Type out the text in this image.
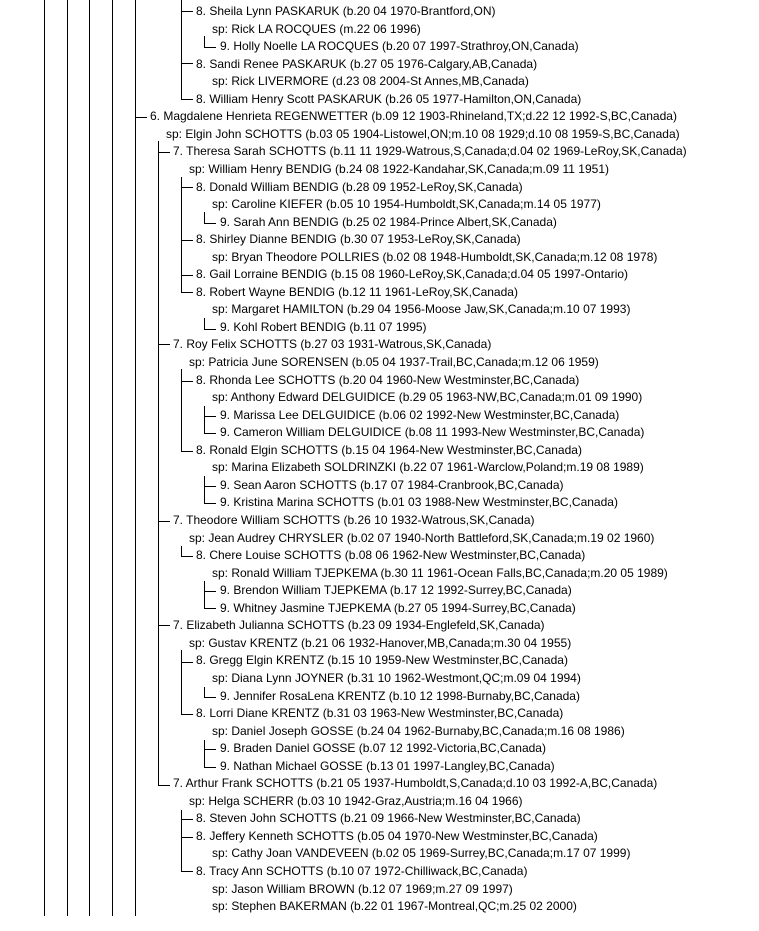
8. Sheila Lynn PASKARUK (b.20 04 1970-Brantford,ON)
sp: Rick LA ROCQUES (m.22 06 1996)
9. Holly Noelle LA ROCQUES (b.20 07 1997-Strathroy,ON,Canada)
8. Sandi Renee PASKARUK (b.27 05 1976-Calgary,AB,Canada)
sp: Rick LIVERMORE (d.23 08 2004-St Annes,MB,Canada)
8. William Henry Scott PASKARUK (b.26 05 1977-Hamilton,ON,Canada)
6. Magdalene Henrieta REGENWETTER (b.09 12 1903-Rhineland,TX;d.22 12 1992-S,BC,Canada)
sp: Elgin John SCHOTTS (b.03 05 1904-Listowel,ON;m.10 08 1929;d.10 08 1959-S,BC,Canada)
7. Theresa Sarah SCHOTTS (b.11 11 1929-Watrous,S,Canada;d.04 02 1969-LeRoy,SK,Canada)
sp: William Henry BENDIG (b.24 08 1922-Kandahar,SK,Canada;m.09 11 1951)
8. Donald William BENDIG (b.28 09 1952-LeRoy,SK,Canada)
sp: Caroline KIEFER (b.05 10 1954-Humboldt,SK,Canada;m.14 05 1977)
9. Sarah Ann BENDIG (b.25 02 1984-Prince Albert,SK,Canada)
8. Shirley Dianne BENDIG (b.30 07 1953-LeRoy,SK,Canada)
sp: Bryan Theodore POLLRIES (b.02 08 1948-Humboldt,SK,Canada;m.12 08 1978)
8. Gail Lorraine BENDIG (b.15 08 1960-LeRoy,SK,Canada;d.04 05 1997-Ontario)
8. Robert Wayne BENDIG (b.12 11 1961-LeRoy,SK,Canada)
sp: Margaret HAMILTON (b.29 04 1956-Moose Jaw,SK,Canada;m.10 07 1993)
9. Kohl Robert BENDIG (b.11 07 1995)
7. Roy Felix SCHOTTS (b.27 03 1931-Watrous,SK,Canada)
sp: Patricia June SORENSEN (b.05 04 1937-Trail,BC,Canada;m.12 06 1959)
8. Rhonda Lee SCHOTTS (b.20 04 1960-New Westminster,BC,Canada)
sp: Anthony Edward DELGUIDICE (b.29 05 1963-NW,BC,Canada;m.01 09 1990)
9. Marissa Lee DELGUIDICE (b.06 02 1992-New Westminster,BC,Canada)
9. Cameron William DELGUIDICE (b.08 11 1993-New Westminster,BC,Canada)
8. Ronald Elgin SCHOTTS (b.15 04 1964-New Westminster,BC,Canada)
sp: Marina Elizabeth SOLDRINZKI (b.22 07 1961-Warclow,Poland;m.19 08 1989)
9. Sean Aaron SCHOTTS (b.17 07 1984-Cranbrook,BC,Canada)
9. Kristina Marina SCHOTTS (b.01 03 1988-New Westminster,BC,Canada)
7. Theodore William SCHOTTS (b.26 10 1932-Watrous,SK,Canada)
sp: Jean Audrey CHRYSLER (b.02 07 1940-North Battleford,SK,Canada;m.19 02 1960)
8. Chere Louise SCHOTTS (b.08 06 1962-New Westminster,BC,Canada)
sp: Ronald William TJEPKEMA (b.30 11 1961-Ocean Falls,BC,Canada;m.20 05 1989)
9. Brendon William TJEPKEMA (b.17 12 1992-Surrey,BC,Canada)
9. Whitney Jasmine TJEPKEMA (b.27 05 1994-Surrey,BC,Canada)
7. Elizabeth Julianna SCHOTTS (b.23 09 1934-Englefeld,SK,Canada)
sp: Gustav KRENTZ (b.21 06 1932-Hanover,MB,Canada;m.30 04 1955)
8. Gregg Elgin KRENTZ (b.15 10 1959-New Westminster,BC,Canada)
sp: Diana Lynn JOYNER (b.31 10 1962-Westmont,QC;m.09 04 1994)
9. Jennifer RosaLena KRENTZ (b.10 12 1998-Burnaby,BC,Canada)
8. Lorri Diane KRENTZ (b.31 03 1963-New Westminster,BC,Canada)
sp: Daniel Joseph GOSSE (b.24 04 1962-Burnaby,BC,Canada;m.16 08 1986)
9. Braden Daniel GOSSE (b.07 12 1992-Victoria,BC,Canada)
9. Nathan Michael GOSSE (b.13 01 1997-Langley,BC,Canada)
7. Arthur Frank SCHOTTS (b.21 05 1937-Humboldt,S,Canada;d.10 03 1992-A,BC,Canada)
sp: Helga SCHERR (b.03 10 1942-Graz,Austria;m.16 04 1966)
8. Steven John SCHOTTS (b.21 09 1966-New Westminster,BC,Canada)
8. Jeffery Kenneth SCHOTTS (b.05 04 1970-New Westminster,BC,Canada)
sp: Cathy Joan VANDEVEEN (b.02 05 1969-Surrey,BC,Canada;m.17 07 1999)
8. Tracy Ann SCHOTTS (b.10 07 1972-Chilliwack,BC,Canada)
sp: Jason William BROWN (b.12 07 1969;m.27 09 1997)
sp: Stephen BAKERMAN (b.22 01 1967-Montreal,QC;m.25 02 2000)
